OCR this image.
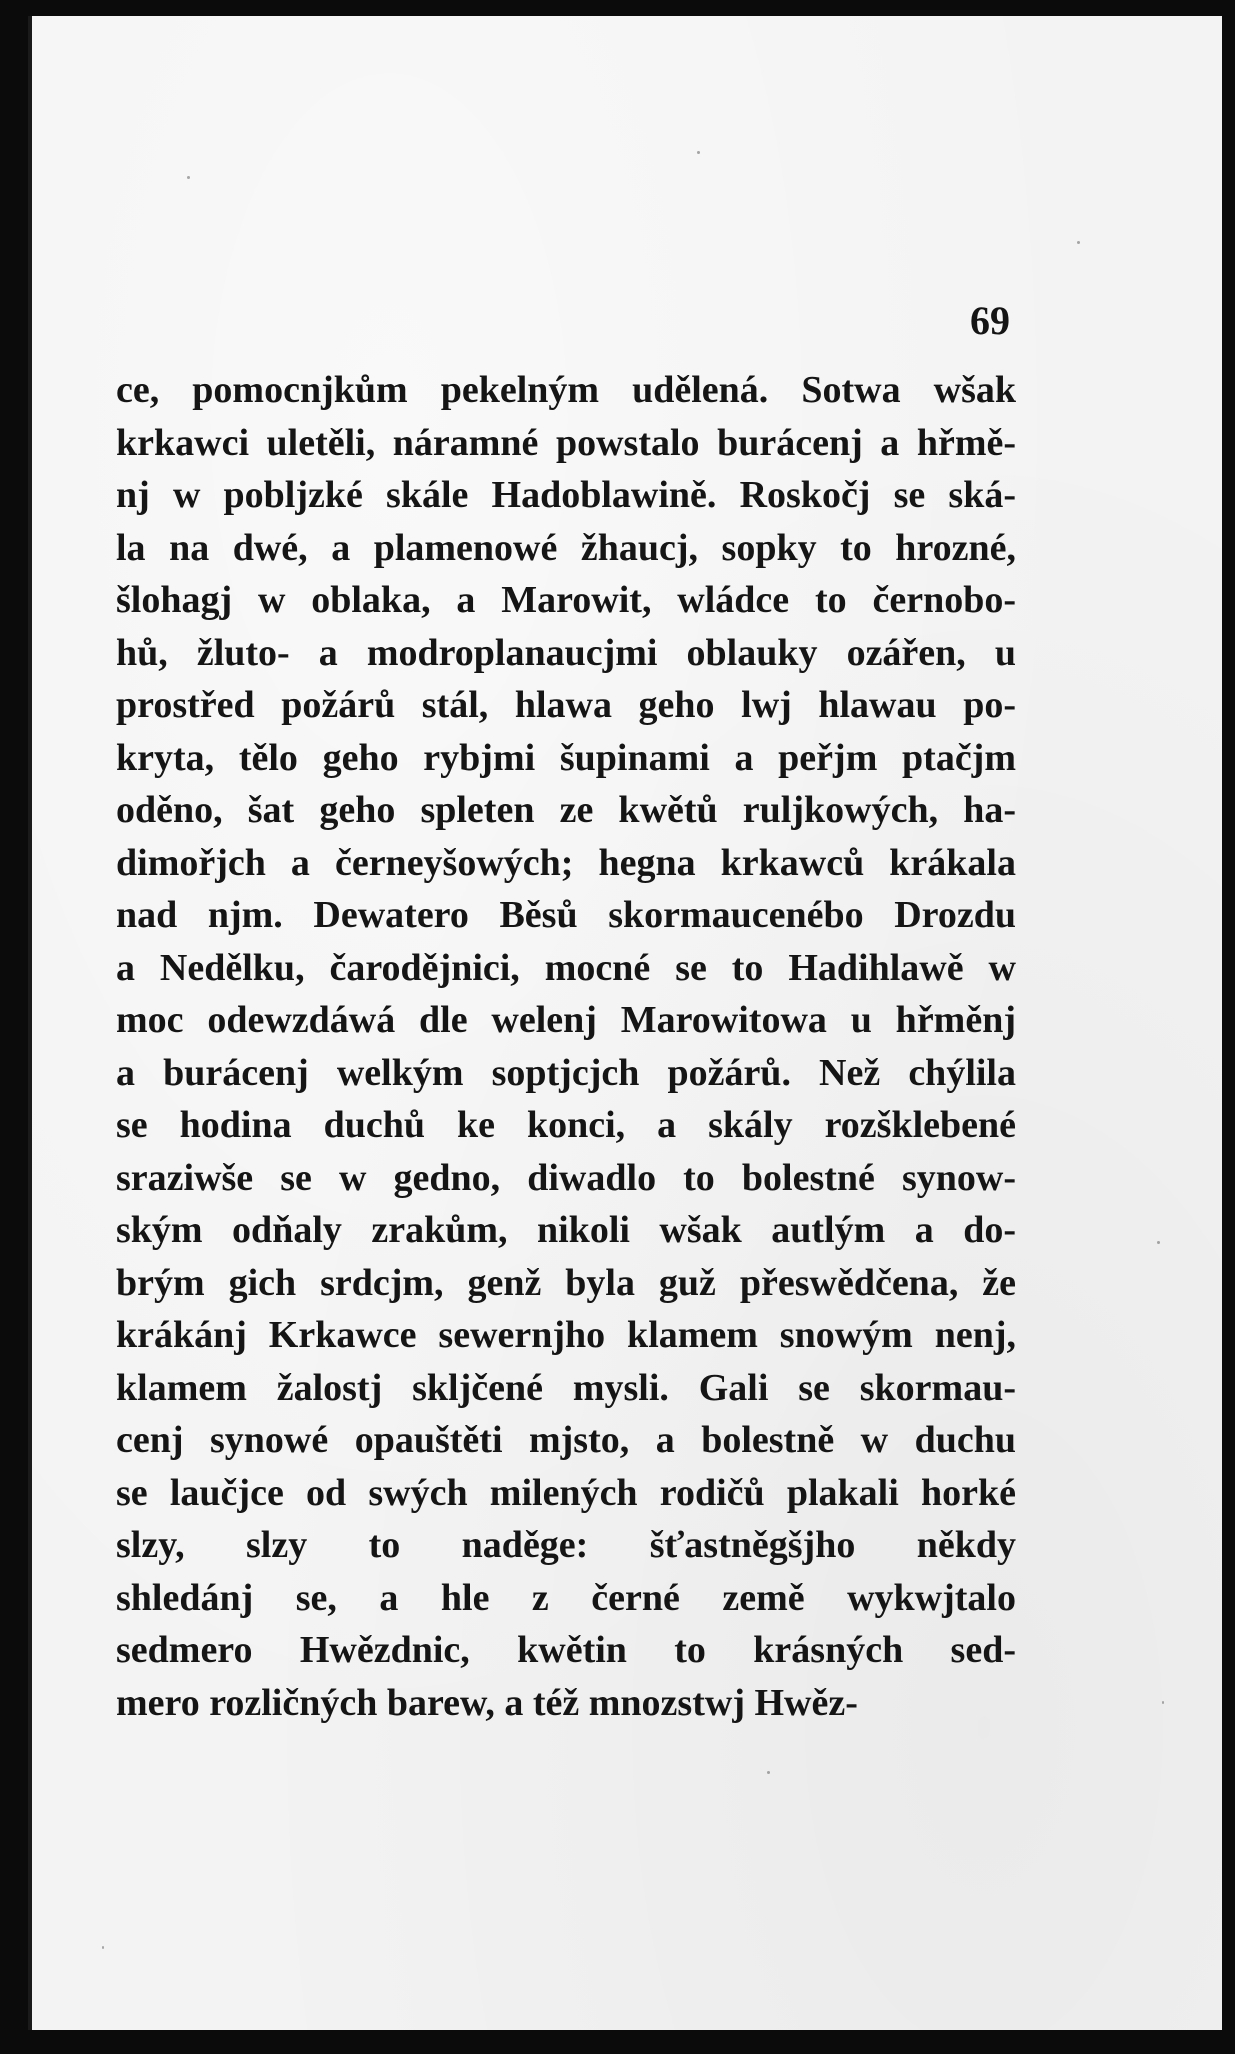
69
ce, pomocnjkům pekelným udělená. Sotwa wšak
krkawci uletěli, náramné powstalo burácenj a hřmě-
nj w pobljzké skále Hadoblawině. Roskočj se ská-
la na dwé, a plamenowé žhaucj, sopky to hrozné,
šlohagj w oblaka, a Marowit, wládce to černobo-
hů, žluto- a modroplanaucjmi oblauky ozářen, u
prostřed požárů stál, hlawa geho lwj hlawau po-
kryta, tělo geho rybjmi šupinami a peřjm ptačjm
oděno, šat geho spleten ze kwětů ruljkowých, ha-
dimořjch a černeyšowých; hegna krkawců krákala
nad njm. Dewatero Běsů skormaucenébo Drozdu
a Nedělku, čarodějnici, mocné se to Hadihlawě w
moc odewzdáwá dle welenj Marowitowa u hřměnj
a burácenj welkým soptjcjch požárů. Než chýlila
se hodina duchů ke konci, a skály rozšklebené
sraziwše se w gedno, diwadlo to bolestné synow-
ským odňaly zrakům, nikoli wšak autlým a do-
brým gich srdcjm, genž byla guž přeswědčena, že
krákánj Krkawce sewernjho klamem snowým nenj,
klamem žalostj skljčené mysli. Gali se skormau-
cenj synowé opauštěti mjsto, a bolestně w duchu
se laučjce od swých milených rodičů plakali horké
slzy, slzy to naděge: šťastněgšjho někdy
shledánj se, a hle z černé země wykwjtalo
sedmero Hwězdnic, kwětin to krásných sed-
mero rozličných barew, a též mnozstwj Hwěz-
